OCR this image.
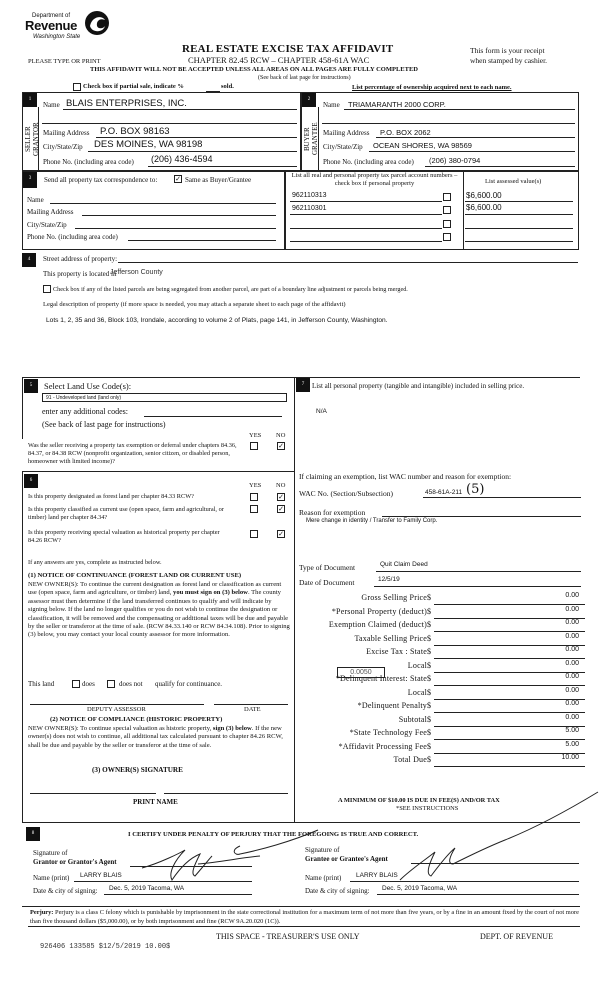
Department of
Revenue
Washington State
PLEASE TYPE OR PRINT
REAL ESTATE EXCISE TAX AFFIDAVIT
CHAPTER 82.45 RCW – CHAPTER 458-61A WAC
This form is your receipt
when stamped by cashier.
THIS AFFIDAVIT WILL NOT BE ACCEPTED UNLESS ALL AREAS ON ALL PAGES ARE FULLY COMPLETED
(See back of last page for instructions)
Check box if partial sale, indicate %	sold.	List percentage of ownership acquired next to each name.
1	2
SELLER
GRANTOR	BUYER
GRANTEE
Name BLAIS ENTERPRISES, INC.
Mailing Address P.O. BOX 98163
City/State/Zip DES MOINES, WA 98198
Phone No. (including area code) (206) 436-4594
Name TRIAMARANTH 2000 CORP.
Mailing Address P.O. BOX 2062
City/State/Zip OCEAN SHORES, WA 98569
Phone No. (including area code) (206) 380-0794
3	Send all property tax correspondence to:	✓ Same as Buyer/Grantee
Name
Mailing Address
City/State/Zip
Phone No. (including area code)
List all real and personal property tax parcel account numbers – check box if personal property	List assessed value(s)
962110313	$6,600.00
962110301	$6,600.00
4	Street address of property:
This property is located in
Jefferson County
Check box if any of the listed parcels are being segregated from another parcel, are part of a boundary line adjustment or parcels being merged.
Legal description of property (if more space is needed, you may attach a separate sheet to each page of the affidavit)
Lots 1, 2, 35 and 36, Block 103, Irondale, according to volume 2 of Plats, page 141, in Jefferson County, Washington.
5	Select Land Use Code(s):
91 - Undeveloped land (land only)
enter any additional codes:
(See back of last page for instructions)
YES NO
Was the seller receiving a property tax exemption or deferral under chapters 84.36, 84.37, or 84.38 RCW (nonprofit organization, senior citizen, or disabled person, homeowner with limited income)?
✓
6
YES NO
Is this property designated as forest land per chapter 84.33 RCW?	✓
Is this property classified as current use (open space, farm and agricultural, or timber) land per chapter 84.34?
✓
Is this property receiving special valuation as historical property per chapter 84.26 RCW?
✓
If any answers are yes, complete as instructed below.
(1) NOTICE OF CONTINUANCE (FOREST LAND OR CURRENT USE)
NEW OWNER(S): To continue the current designation as forest land or classification as current use (open space, farm and agriculture, or timber) land, you must sign on (3) below. The county assessor must then determine if the land transferred continues to qualify and will indicate by signing below. If the land no longer qualifies or you do not wish to continue the designation or classification, it will be removed and the compensating or additional taxes will be due and payable by the seller or transferor at the time of sale. (RCW 84.33.140 or RCW 84.34.108). Prior to signing (3) below, you may contact your local county assessor for more information.
This land	does	does not qualify for continuance.
DEPUTY ASSESSOR	DATE
(2) NOTICE OF COMPLIANCE (HISTORIC PROPERTY)
NEW OWNER(S): To continue special valuation as historic property, sign (3) below. If the new owner(s) does not wish to continue, all additional tax calculated pursuant to chapter 84.26 RCW, shall be due and payable by the seller or transferor at the time of sale.
(3) OWNER(S) SIGNATURE
PRINT NAME
7	List all personal property (tangible and intangible) included in selling price.
N/A
If claiming an exemption, list WAC number and reason for exemption:
WAC No. (Section/Subsection)	458-61A-211 (5)
Reason for exemption
Mere change in identity / Transfer to Family Corp.
Type of Document	Quit Claim Deed
Date of Document	12/5/19
Gross Selling Price $	0.00
*Personal Property (deduct) $	0.00
Exemption Claimed (deduct) $	0.00
Taxable Selling Price $	0.00
Excise Tax : State $	0.00
Local $	0.00
*Delinquent Interest: State $	0.00
Local $	0.00
*Delinquent Penalty $	0.00
Subtotal $	0.00
*State Technology Fee $	5.00
*Affidavit Processing Fee $	5.00
Total Due $	10.00
0.0050
A MINIMUM OF $10.00 IS DUE IN FEE(S) AND/OR TAX
*SEE INSTRUCTIONS
8	I CERTIFY UNDER PENALTY OF PERJURY THAT THE FOREGOING IS TRUE AND CORRECT.
Signature of
Grantor or Grantor's Agent
Name (print) LARRY BLAIS
Date & city of signing: Dec. 5, 2019 Tacoma, WA
Signature of
Grantee or Grantee's Agent
Name (print) LARRY BLAIS
Date & city of signing: Dec. 5, 2019 Tacoma, WA
Perjury: Perjury is a class C felony which is punishable by imprisonment in the state correctional institution for a maximum term of not more than five years, or by a fine in an amount fixed by the court of not more than five thousand dollars ($5,000.00), or by both imprisonment and fine (RCW 9A.20.020 (1C)).
THIS SPACE - TREASURER'S USE ONLY	DEPT. OF REVENUE
926406 133585 $12/5/2019 10.00$
